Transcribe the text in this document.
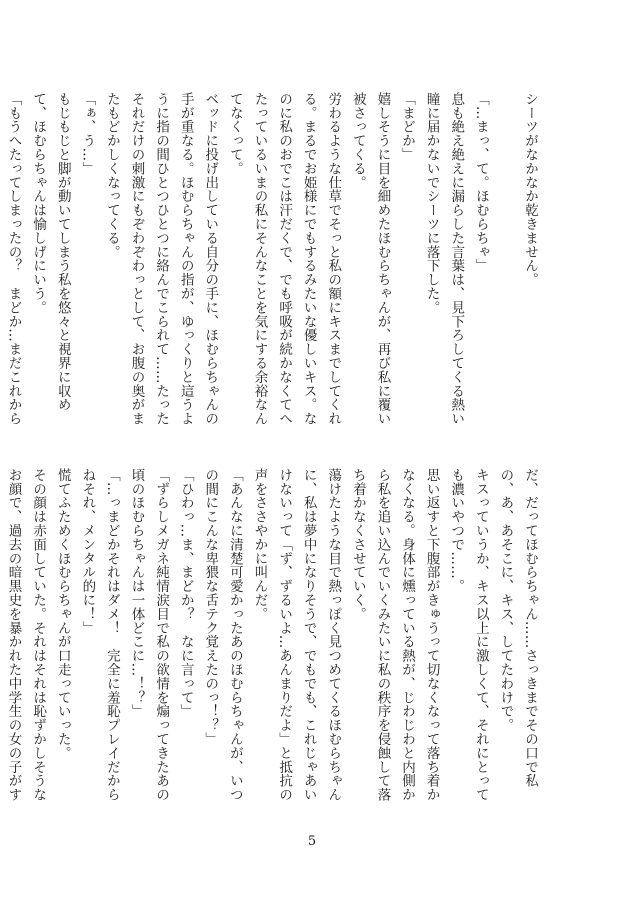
シーツがなかなか乾きません。

「…まっ、て。ほむらちゃ」

息も絶え絶えに漏らした言葉は、見下ろしてくる熱い瞳に届かないでシーツに落下した。

「まどか」

嬉しそうに目を細めたほむらちゃんが、再び私に覆い被さってくる。

労わるような仕草でそっと私の額にキスまでしてくれる。まるでお姫様にでもするみたいな優しいキス。なのに私のおでこは汗だくで、でも呼吸が続かなくてへたっているいまの私にそんなことを気にする余裕なんてなくって。

ベッドに投げ出している自分の手に、ほむらちゃんの手が重なる。ほむらちゃんの指が、ゆっくりと這うように指の間ひとつひとつに絡んでこられて……たったそれだけの刺激にもぞわぞわっとして、お腹の奥がまたもどかしくなってくる。

「ぁ、う…」

もじもじと脚が動いてしまう私を悠々と視界に収めて、ほむらちゃんは愉しげにいう。

「もうへたってしまったの？　まどか…まだこれから

だ、だってほむらちゃん……さっきまでその口で私の、あ、あそこに、キス、してたわけで。

キスっていうか、キス以上に激しくて、それにとっても濃いやつで……。

思い返すと下腹部がきゅうって切なくなって落ち着かなくなる。身体に燻っている熱が、じわじわと内側から私を追い込んでいくみたいに私の秩序を侵蝕して落ち着かなくさせていく。

蕩けたような目で熱っぽく見つめてくるほむらちゃんに、私は夢中になりそうで、でもでも、これじゃあいけないって「ず、ずるいよ…あんまりだよ」と抵抗の声をささやかに叫んだ。

「あんなに清楚可愛かったあのほむらちゃんが、いつの間にこんな卑猥な舌テク覚えたのっ！？」

「ひわっ…ま、まどか？　なに言って」

「ずらしメガネ純情涙目で私の欲情を煽ってきたあの頃のほむらちゃんは一体どこに…！？」

「…っまどかそれはダメ！　完全に羞恥プレイだからねそれ、メンタル的に！」

慌てふためくほむらちゃんが口走っていった。

その顔は赤面していた。それはそれは恥ずかしそうなお顔で、過去の暗黒史を暴かれた中学生の女の子がす

5
